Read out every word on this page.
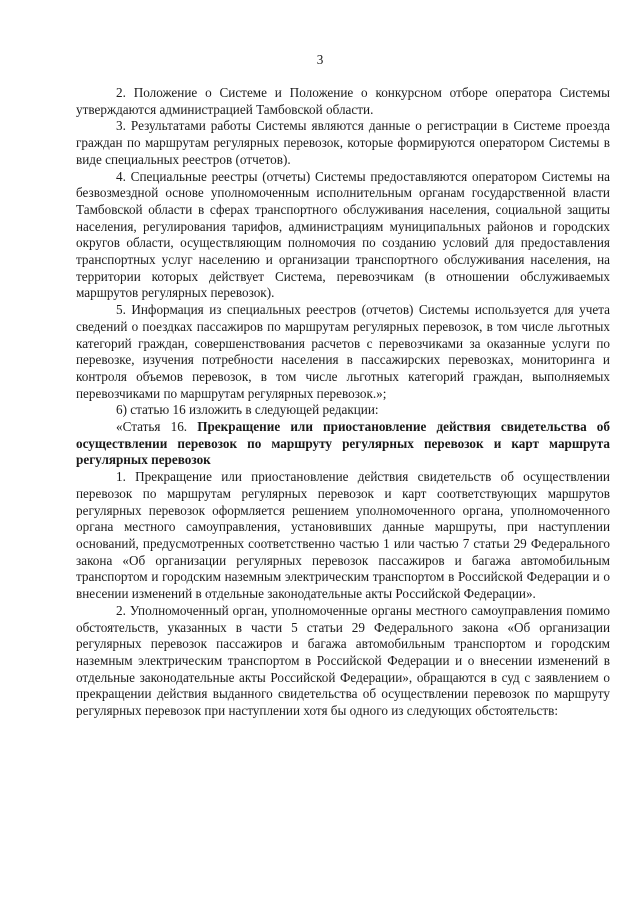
3

2. Положение о Системе и Положение о конкурсном отборе оператора Системы утверждаются администрацией Тамбовской области.

3. Результатами работы Системы являются данные о регистрации в Системе проезда граждан по маршрутам регулярных перевозок, которые формируются оператором Системы в виде специальных реестров (отчетов).

4. Специальные реестры (отчеты) Системы предоставляются оператором Системы на безвозмездной основе уполномоченным исполнительным органам государственной власти Тамбовской области в сферах транспортного обслуживания населения, социальной защиты населения, регулирования тарифов, администрациям муниципальных районов и городских округов области, осуществляющим полномочия по созданию условий для предоставления транспортных услуг населению и организации транспортного обслуживания населения, на территории которых действует Система, перевозчикам (в отношении обслуживаемых маршрутов регулярных перевозок).

5. Информация из специальных реестров (отчетов) Системы используется для учета сведений о поездках пассажиров по маршрутам регулярных перевозок, в том числе льготных категорий граждан, совершенствования расчетов с перевозчиками за оказанные услуги по перевозке, изучения потребности населения в пассажирских перевозках, мониторинга и контроля объемов перевозок, в том числе льготных категорий граждан, выполняемых перевозчиками по маршрутам регулярных перевозок.»;

6) статью 16 изложить в следующей редакции:

«Статья 16. Прекращение или приостановление действия свидетельства об осуществлении перевозок по маршруту регулярных перевозок и карт маршрута регулярных перевозок

1. Прекращение или приостановление действия свидетельств об осуществлении перевозок по маршрутам регулярных перевозок и карт соответствующих маршрутов регулярных перевозок оформляется решением уполномоченного органа, уполномоченного органа местного самоуправления, установивших данные маршруты, при наступлении оснований, предусмотренных соответственно частью 1 или частью 7 статьи 29 Федерального закона «Об организации регулярных перевозок пассажиров и багажа автомобильным транспортом и городским наземным электрическим транспортом в Российской Федерации и о внесении изменений в отдельные законодательные акты Российской Федерации».

2. Уполномоченный орган, уполномоченные органы местного самоуправления помимо обстоятельств, указанных в части 5 статьи 29 Федерального закона «Об организации регулярных перевозок пассажиров и багажа автомобильным транспортом и городским наземным электрическим транспортом в Российской Федерации и о внесении изменений в отдельные законодательные акты Российской Федерации», обращаются в суд с заявлением о прекращении действия выданного свидетельства об осуществлении перевозок по маршруту регулярных перевозок при наступлении хотя бы одного из следующих обстоятельств:
